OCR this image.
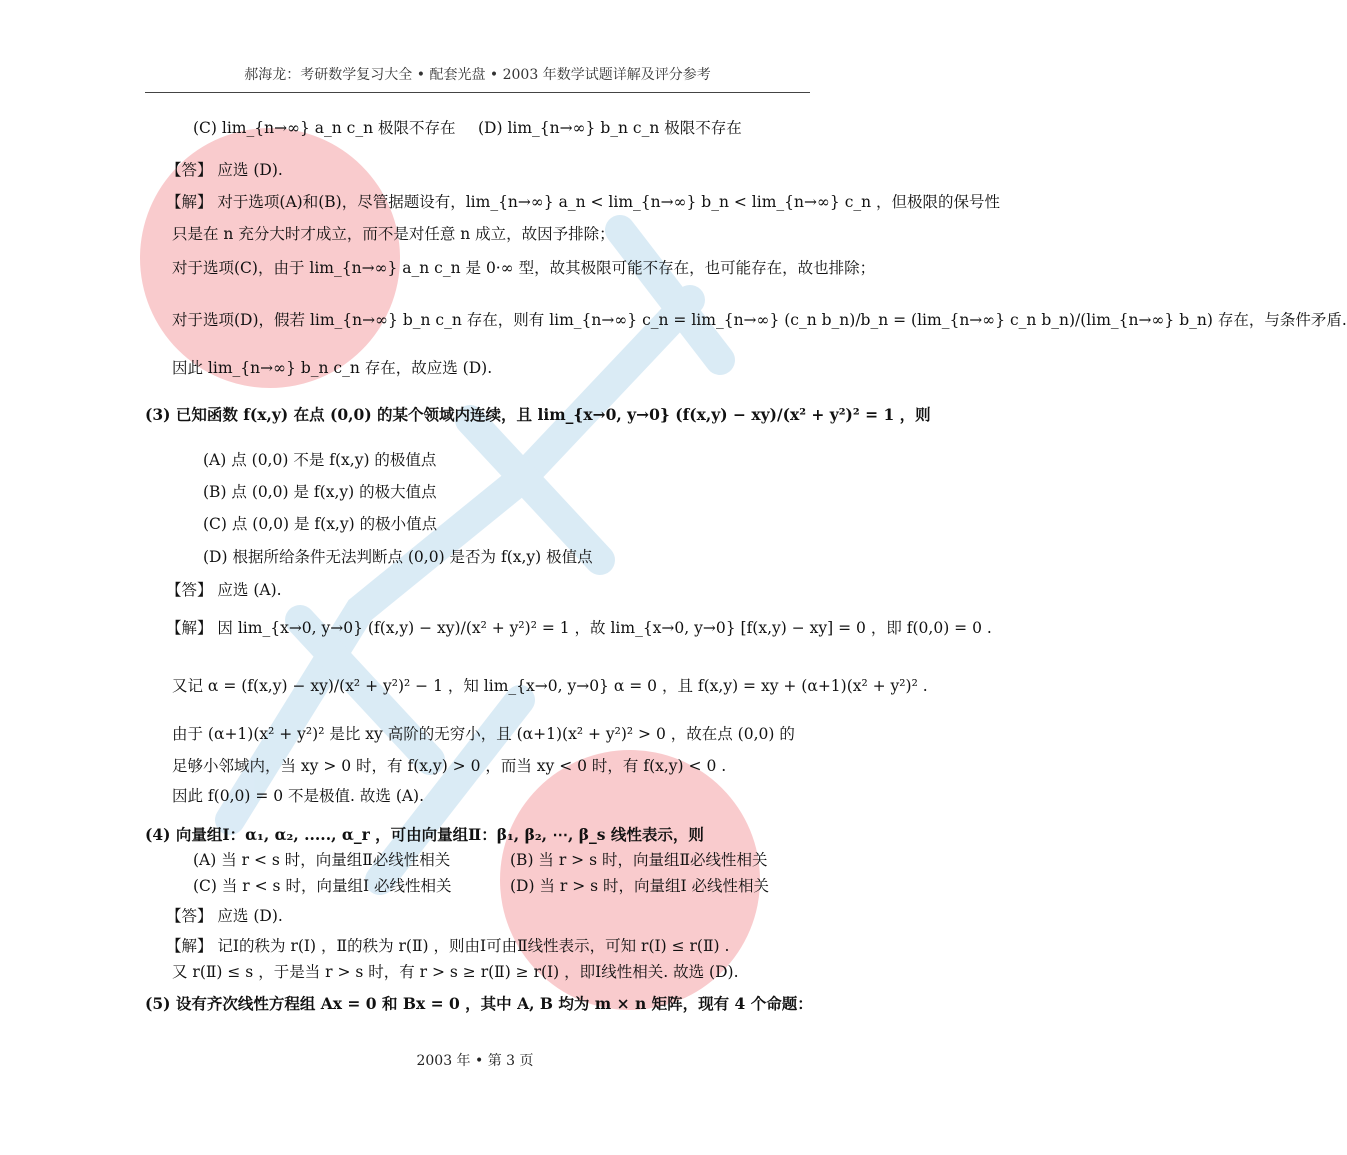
郝海龙：考研数学复习大全 • 配套光盘 • 2003 年数学试题详解及评分参考
(C) lim_{n→∞} a_n c_n 极限不存在 (D) lim_{n→∞} b_n c_n 极限不存在
【答】 应选 (D).
【解】 对于选项(A)和(B)，尽管据题设有，lim_{n→∞} a_n < lim_{n→∞} b_n < lim_{n→∞} c_n ，但极限的保号性
只是在 n 充分大时才成立，而不是对任意 n 成立，故因予排除；
对于选项(C)，由于 lim_{n→∞} a_n c_n 是 0·∞ 型，故其极限可能不存在，也可能存在，故也排除；
对于选项(D)，假若 lim_{n→∞} b_n c_n 存在，则有 lim_{n→∞} c_n = lim_{n→∞} (c_n b_n)/b_n = (lim_{n→∞} c_n b_n)/(lim_{n→∞} b_n) 存在，与条件矛盾.
因此 lim_{n→∞} b_n c_n 存在，故应选 (D).
(3) 已知函数 f(x,y) 在点 (0,0) 的某个领域内连续，且 lim_{x→0, y→0} (f(x,y) − xy)/(x² + y²)² = 1 ，则
(A) 点 (0,0) 不是 f(x,y) 的极值点
(B) 点 (0,0) 是 f(x,y) 的极大值点
(C) 点 (0,0) 是 f(x,y) 的极小值点
(D) 根据所给条件无法判断点 (0,0) 是否为 f(x,y) 极值点
【答】 应选 (A).
【解】 因 lim_{x→0, y→0} (f(x,y) − xy)/(x² + y²)² = 1 ，故 lim_{x→0, y→0} [f(x,y) − xy] = 0 ，即 f(0,0) = 0 .
又记 α = (f(x,y) − xy)/(x² + y²)² − 1 ，知 lim_{x→0, y→0} α = 0 ，且 f(x,y) = xy + (α+1)(x² + y²)² .
由于 (α+1)(x² + y²)² 是比 xy 高阶的无穷小，且 (α+1)(x² + y²)² > 0 ，故在点 (0,0) 的
足够小邻域内，当 xy > 0 时，有 f(x,y) > 0 ，而当 xy < 0 时，有 f(x,y) < 0 .
因此 f(0,0) = 0 不是极值. 故选 (A).
(4) 向量组Ⅰ：α₁, α₂, ....., α_r ，可由向量组Ⅱ：β₁, β₂, ⋯, β_s 线性表示，则
(A) 当 r < s 时，向量组Ⅱ必线性相关	(B) 当 r > s 时，向量组Ⅱ必线性相关
(C) 当 r < s 时，向量组Ⅰ 必线性相关	(D) 当 r > s 时，向量组Ⅰ 必线性相关
【答】 应选 (D).
【解】 记Ⅰ的秩为 r(Ⅰ) ，Ⅱ的秩为 r(Ⅱ) ，则由Ⅰ可由Ⅱ线性表示，可知 r(Ⅰ) ≤ r(Ⅱ) .
又 r(Ⅱ) ≤ s ，于是当 r > s 时，有 r > s ≥ r(Ⅱ) ≥ r(Ⅰ) ，即Ⅰ线性相关. 故选 (D).
(5) 设有齐次线性方程组 Ax = 0 和 Bx = 0 ，其中 A, B 均为 m × n 矩阵，现有 4 个命题：
2003 年 • 第 3 页
